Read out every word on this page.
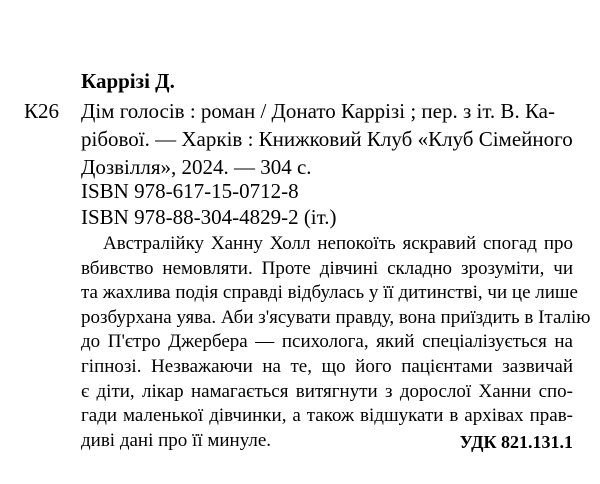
Каррізі Д.
К26 Дім голосів : роман / Донато Каррізі ; пер. з іт. В. Ка-
рібової. — Харків : Книжковий Клуб «Клуб Сімейного
Дозвілля», 2024. — 304 с.
ISBN 978-617-15-0712-8
ISBN 978-88-304-4829-2 (іт.)
Австралійку Ханну Холл непокоїть яскравий спогад про
вбивство немовляти. Проте дівчині складно зрозуміти, чи
та жахлива подія справді відбулась у її дитинстві, чи це лише
розбурхана уява. Аби з'ясувати правду, вона приїздить в Італію
до П'єтро Джербера — психолога, який спеціалізується на
гіпнозі. Незважаючи на те, що його пацієнтами зазвичай
є діти, лікар намагається витягнути з дорослої Ханни спо-
гади маленької дівчинки, а також відшукати в архівах прав-
диві дані про її минуле.	УДК 821.131.1
